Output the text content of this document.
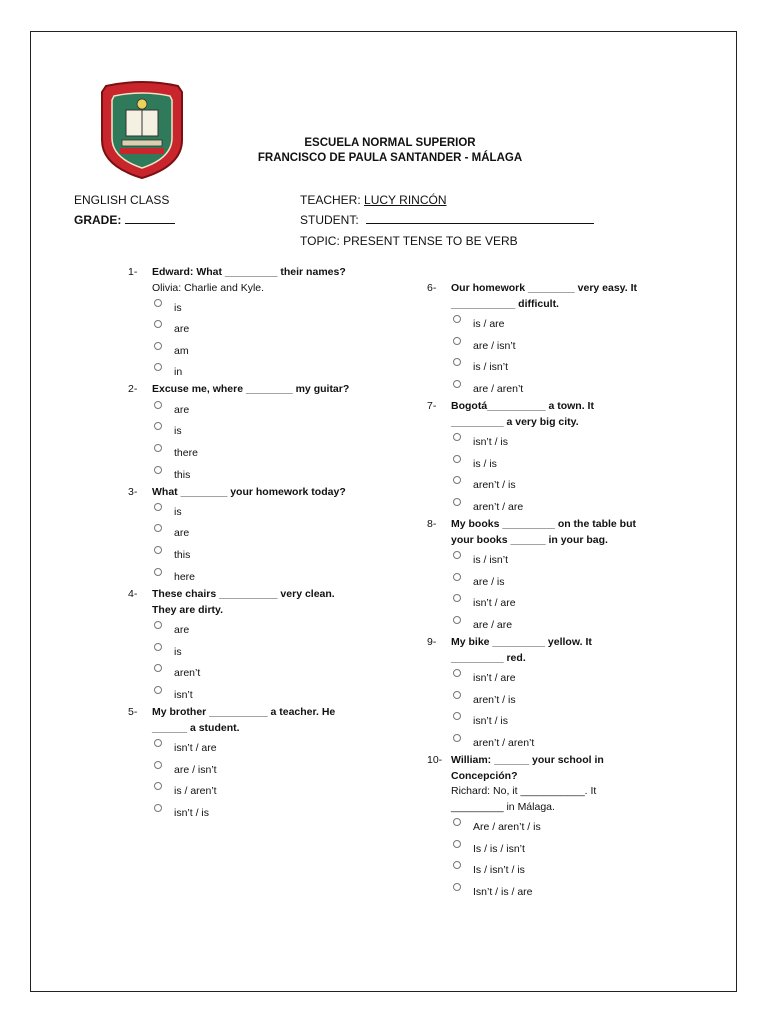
ESCUELA NORMAL SUPERIOR
FRANCISCO DE PAULA SANTANDER - MÁLAGA
ENGLISH CLASS
GRADE:
TEACHER: LUCY RINCÓN
STUDENT:
TOPIC: PRESENT TENSE TO BE VERB
1-	Edward: What _________ their names?
Olivia: Charlie and Kyle.
is
are
am
in
2-	Excuse me, where ________ my guitar?
are
is
there
this
3-	What ________ your homework today?
is
are
this
here
4-	These chairs __________ very clean.
They are dirty.
are
is
aren’t
isn’t
5-	My brother __________ a teacher. He
______ a student.
isn’t / are
are / isn’t
is / aren’t
isn’t / is
6-	Our homework ________ very easy. It
___________ difficult.
is / are
are / isn’t
is / isn’t
are / aren’t
7-	Bogotá__________ a town. It
_________ a very big city.
isn’t / is
is / is
aren’t / is
aren’t / are
8-	My books _________ on the table but
your books ______ in your bag.
is / isn’t
are / is
isn’t / are
are / are
9-	My bike _________ yellow. It
_________ red.
isn’t / are
aren’t / is
isn’t / is
aren’t / aren’t
10- William: ______ your school in
Concepción?
Richard: No, it ___________. It
_________ in Málaga.
Are / aren’t / is
Is / is / isn’t
Is / isn’t / is
Isn’t / is / are
